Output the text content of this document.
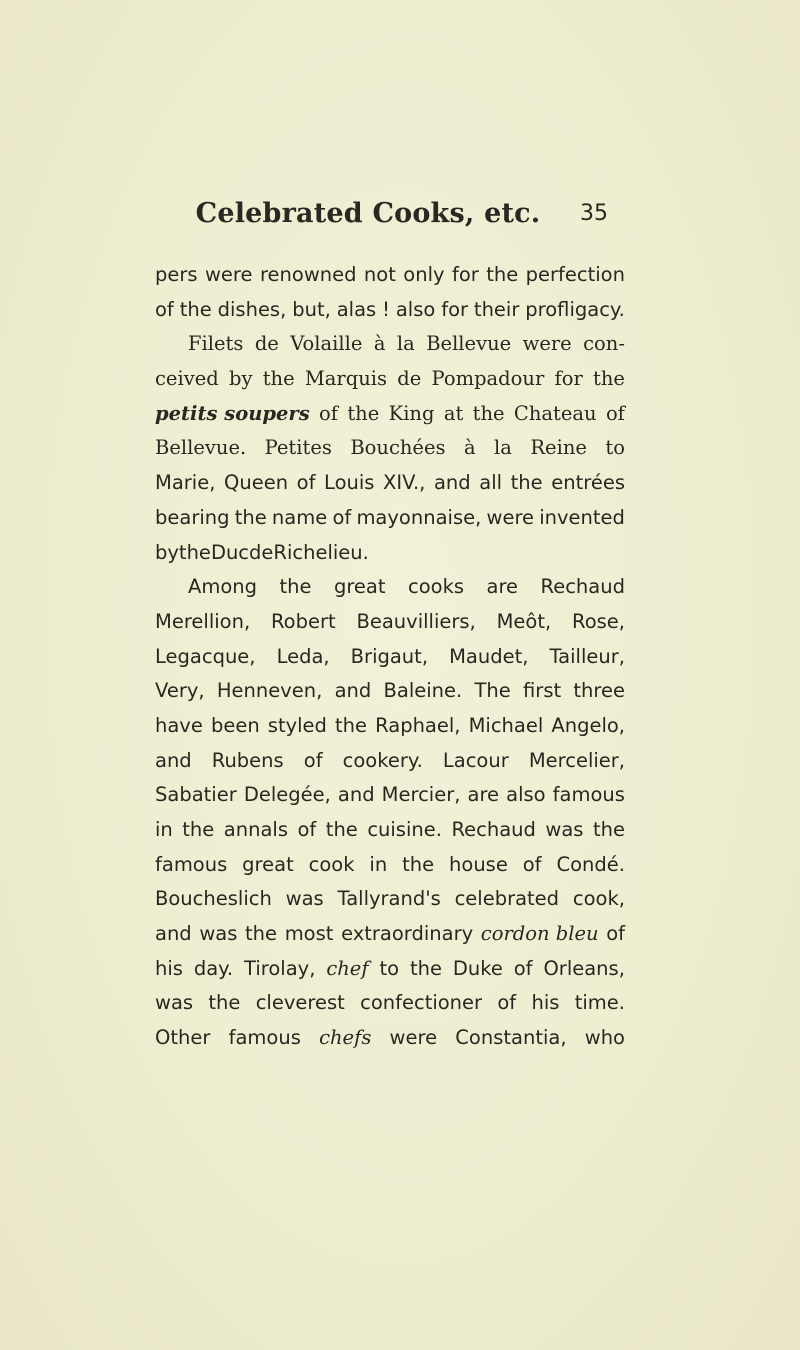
Celebrated Cooks, etc. 35
pers were renowned not only for the perfection
of the dishes, but, alas ! also for their profligacy.
Filets de Volaille à la Bellevue were con-
ceived by the Marquis de Pompadour for the
petits soupers of the King at the Chateau of
Bellevue. Petites Bouchées à la Reine to
Marie, Queen of Louis XIV., and all the entrées
bearing the name of mayonnaise, were invented
by the Duc de Richelieu.
Among the great cooks are Rechaud
Merellion, Robert Beauvilliers, Meôt, Rose,
Legacque, Leda, Brigaut, Maudet, Tailleur,
Very, Henneven, and Baleine. The first three
have been styled the Raphael, Michael Angelo,
and Rubens of cookery. Lacour Mercelier,
Sabatier Delegée, and Mercier, are also famous
in the annals of the cuisine. Rechaud was the
famous great cook in the house of Condé.
Boucheslich was Tallyrand's celebrated cook,
and was the most extraordinary cordon bleu of
his day. Tirolay, chef to the Duke of Orleans,
was the cleverest confectioner of his time.
Other famous chefs were Constantia, who
